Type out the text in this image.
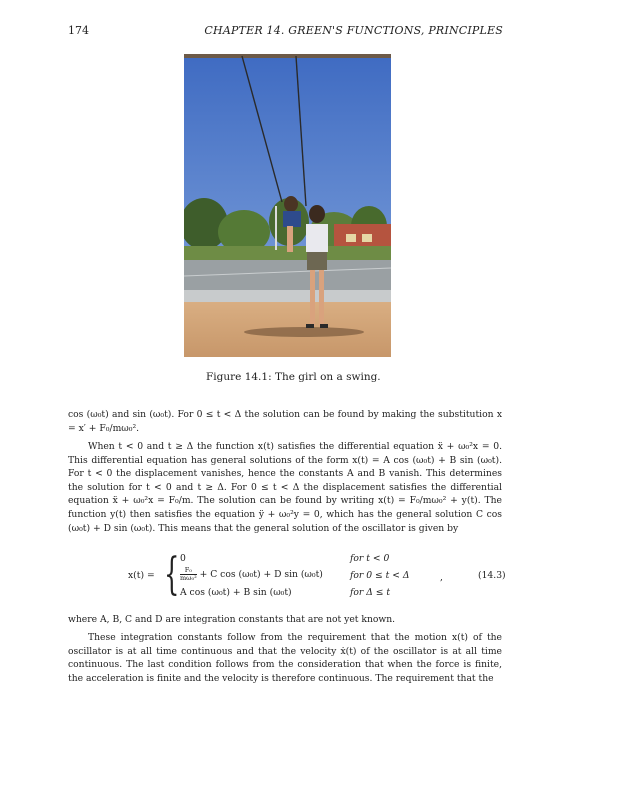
174	CHAPTER 14. GREEN'S FUNCTIONS, PRINCIPLES
Figure 14.1: The girl on a swing.
cos (ω₀t) and sin (ω₀t). For 0 ≤ t < Δ the solution can be found by making the substitution x = x′ + F₀/mω₀².
When t < 0 and t ≥ Δ the function x(t) satisfies the differential equation ẍ + ω₀²x = 0. This differential equation has general solutions of the form x(t) = A cos (ω₀t) + B sin (ω₀t). For t < 0 the displacement vanishes, hence the constants A and B vanish. This determines the solution for t < 0 and t ≥ Δ. For 0 ≤ t < Δ the displacement satisfies the differential equation ẍ + ω₀²x = F₀/m. The solution can be found by writing x(t) = F₀/mω₀² + y(t). The function y(t) then satisfies the equation ÿ + ω₀²y = 0, which has the general solution C cos (ω₀t) + D sin (ω₀t). This means that the general solution of the oscillator is given by
x(t) = { 0	for t < 0
$\frac{\text{F₀}}{\text{mω₀²}} + C$ cos (ω₀t) + D sin (ω₀t)	for 0 ≤ t < Δ
A cos (ω₀t) + B sin (ω₀t)	for Δ ≤ t
,	(14.3)
where A, B, C and D are integration constants that are not yet known.
These integration constants follow from the requirement that the motion x(t) of the oscillator is at all time continuous and that the velocity ẋ(t) of the oscillator is at all time continuous. The last condition follows from the consideration that when the force is finite, the acceleration is finite and the velocity is therefore continuous. The requirement that the
